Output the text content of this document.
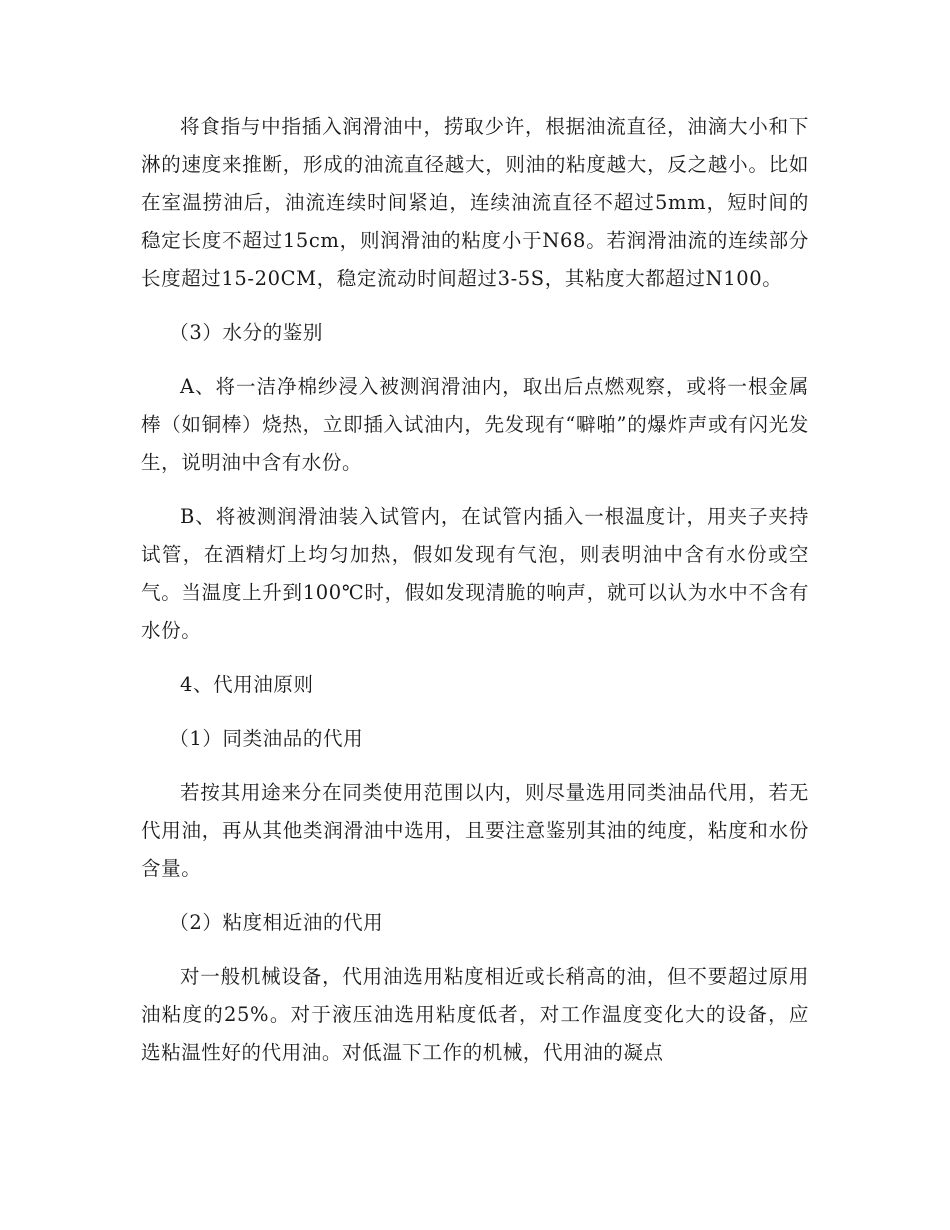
将食指与中指插入润滑油中，捞取少许，根据油流直径，油滴大小和下淋的速度来推断，形成的油流直径越大，则油的粘度越大，反之越小。比如在室温捞油后，油流连续时间紧迫，连续油流直径不超过5mm，短时间的稳定长度不超过15cm，则润滑油的粘度小于N68。若润滑油流的连续部分长度超过15-20CM，稳定流动时间超过3-5S，其粘度大都超过N100。

（3）水分的鉴别

A、将一洁净棉纱浸入被测润滑油内，取出后点燃观察，或将一根金属棒（如铜棒）烧热，立即插入试油内，先发现有“噼啪”的爆炸声或有闪光发生，说明油中含有水份。

B、将被测润滑油装入试管内，在试管内插入一根温度计，用夹子夹持试管，在酒精灯上均匀加热，假如发现有气泡，则表明油中含有水份或空气。当温度上升到100℃时，假如发现清脆的响声，就可以认为水中不含有水份。

4、代用油原则

（1）同类油品的代用

若按其用途来分在同类使用范围以内，则尽量选用同类油品代用，若无代用油，再从其他类润滑油中选用，且要注意鉴别其油的纯度，粘度和水份含量。

（2）粘度相近油的代用

对一般机械设备，代用油选用粘度相近或长稍高的油，但不要超过原用油粘度的25%。对于液压油选用粘度低者，对工作温度变化大的设备，应选粘温性好的代用油。对低温下工作的机械，代用油的凝点
